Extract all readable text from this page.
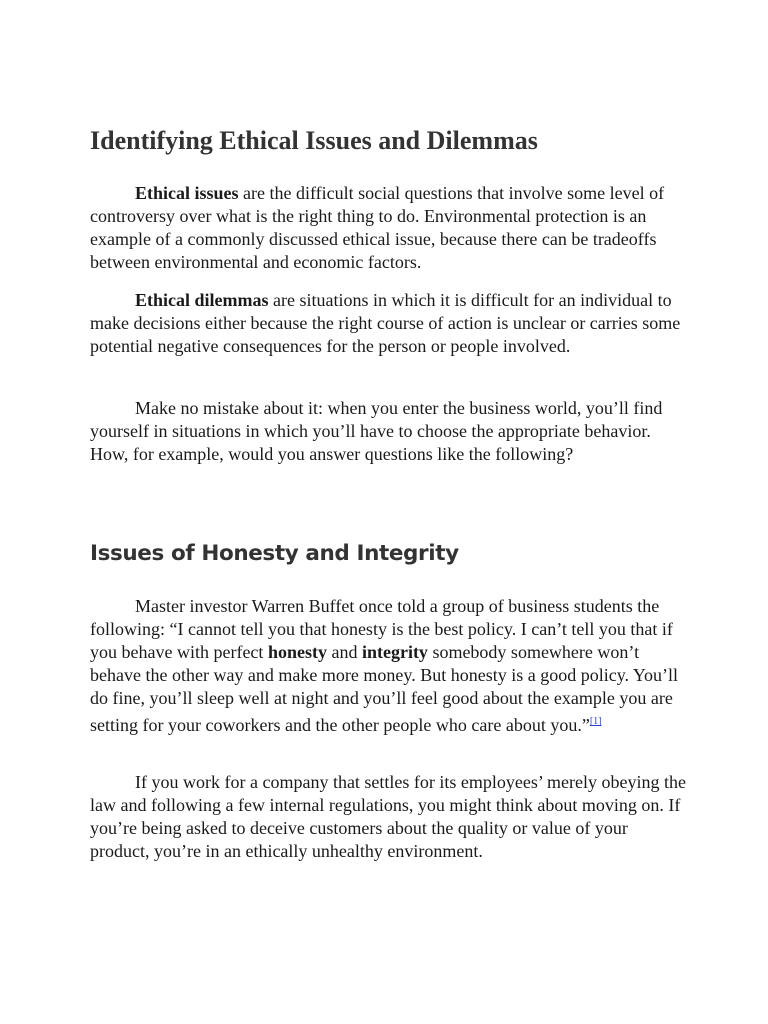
Identifying Ethical Issues and Dilemmas

Ethical issues are the difficult social questions that involve some level of controversy over what is the right thing to do. Environmental protection is an example of a commonly discussed ethical issue, because there can be tradeoffs between environmental and economic factors.

Ethical dilemmas are situations in which it is difficult for an individual to make decisions either because the right course of action is unclear or carries some potential negative consequences for the person or people involved.

Make no mistake about it: when you enter the business world, you’ll find yourself in situations in which you’ll have to choose the appropriate behavior. How, for example, would you answer questions like the following?

Issues of Honesty and Integrity

Master investor Warren Buffet once told a group of business students the following: “I cannot tell you that honesty is the best policy. I can’t tell you that if you behave with perfect honesty and integrity somebody somewhere won’t behave the other way and make more money. But honesty is a good policy. You’ll do fine, you’ll sleep well at night and you’ll feel good about the example you are setting for your coworkers and the other people who care about you.”[1]

If you work for a company that settles for its employees’ merely obeying the law and following a few internal regulations, you might think about moving on. If you’re being asked to deceive customers about the quality or value of your product, you’re in an ethically unhealthy environment.
